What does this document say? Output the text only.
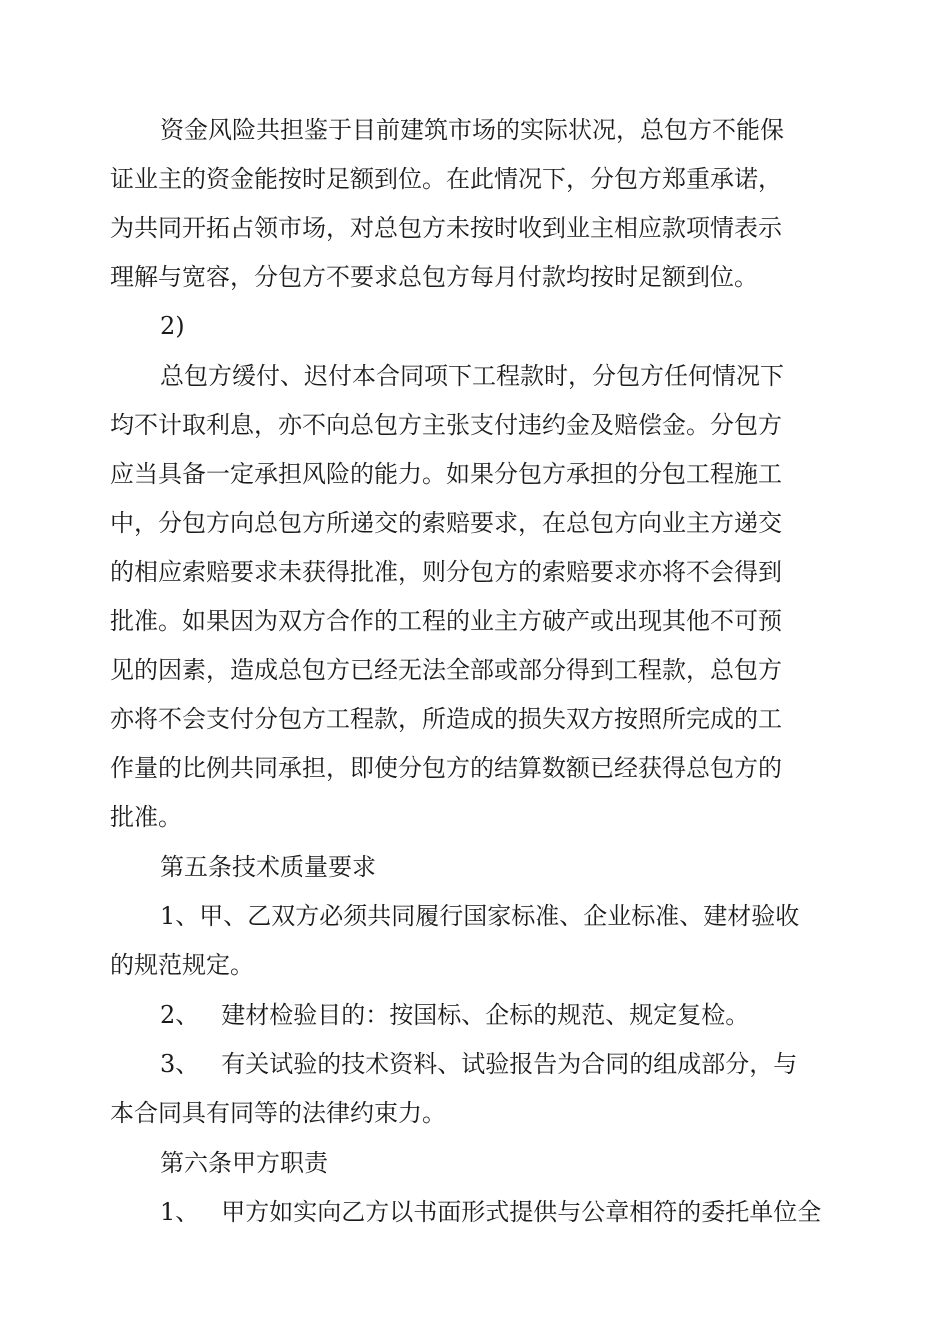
资金风险共担鉴于目前建筑市场的实际状况，总包方不能保
证业主的资金能按时足额到位。在此情况下，分包方郑重承诺，
为共同开拓占领市场，对总包方未按时收到业主相应款项情表示
理解与宽容，分包方不要求总包方每月付款均按时足额到位。
2)
总包方缓付、迟付本合同项下工程款时，分包方任何情况下
均不计取利息，亦不向总包方主张支付违约金及赔偿金。分包方
应当具备一定承担风险的能力。如果分包方承担的分包工程施工
中，分包方向总包方所递交的索赔要求，在总包方向业主方递交
的相应索赔要求未获得批准，则分包方的索赔要求亦将不会得到
批准。如果因为双方合作的工程的业主方破产或出现其他不可预
见的因素，造成总包方已经无法全部或部分得到工程款，总包方
亦将不会支付分包方工程款，所造成的损失双方按照所完成的工
作量的比例共同承担，即使分包方的结算数额已经获得总包方的
批准。
第五条技术质量要求
1、甲、乙双方必须共同履行国家标准、企业标准、建材验收
的规范规定。
2、 建材检验目的：按国标、企标的规范、规定复检。
3、 有关试验的技术资料、试验报告为合同的组成部分，与
本合同具有同等的法律约束力。
第六条甲方职责
1、 甲方如实向乙方以书面形式提供与公章相符的委托单位全
